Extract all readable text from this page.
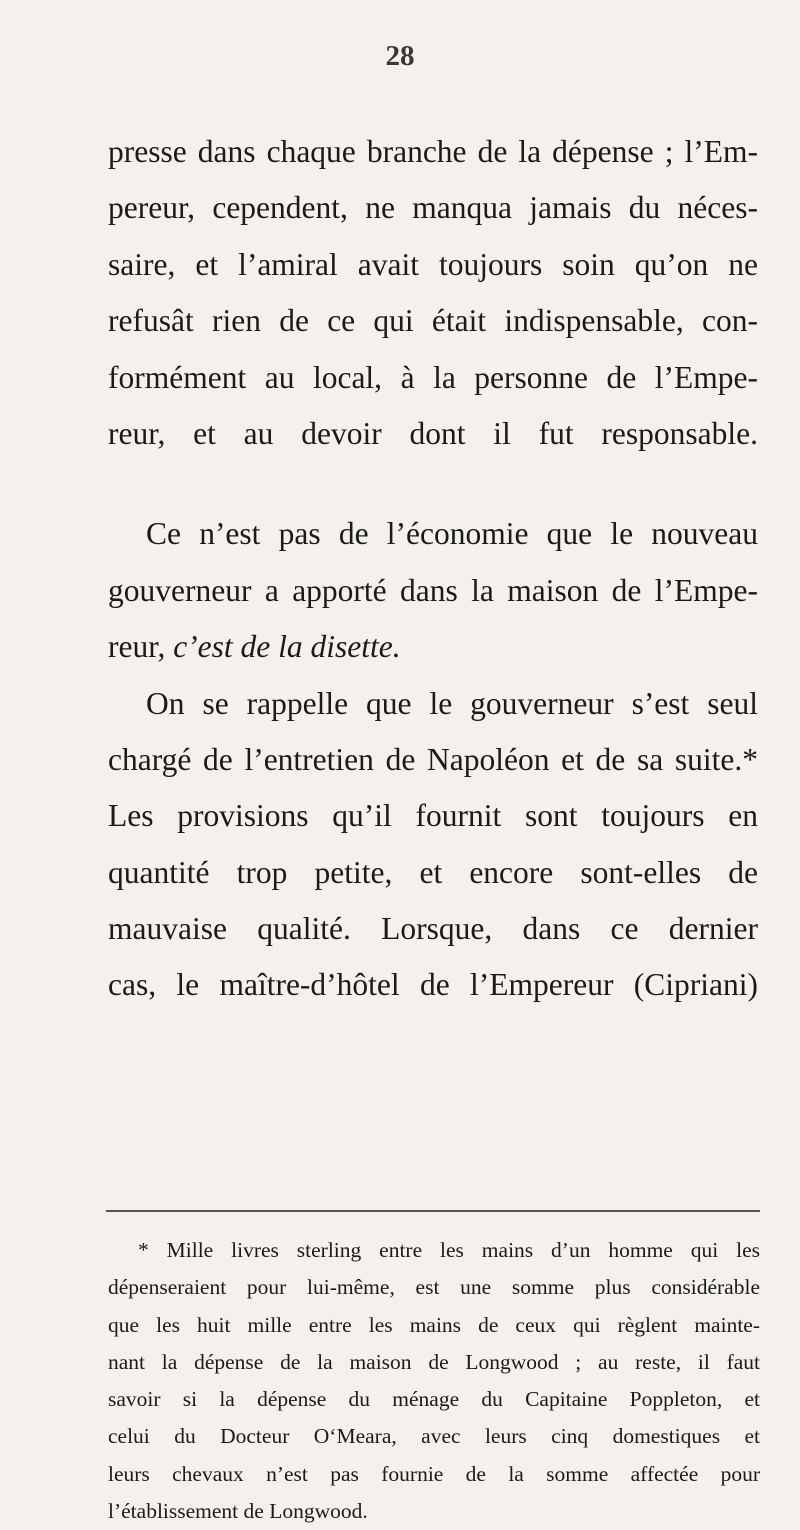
28
presse dans chaque branche de la dépense ; l’Em-
pereur, cependent, ne manqua jamais du néces-
saire, et l’amiral avait toujours soin qu’on ne
refusât rien de ce qui était indispensable, con-
formément au local, à la personne de l’Empe-
reur, et au devoir dont il fut responsable.
Ce n’est pas de l’économie que le nouveau
gouverneur a apporté dans la maison de l’Empe-
reur, c’est de la disette.
On se rappelle que le gouverneur s’est seul
chargé de l’entretien de Napoléon et de sa suite.*
Les provisions qu’il fournit sont toujours en
quantité trop petite, et encore sont-elles de
mauvaise qualité. Lorsque, dans ce dernier
cas, le maître-d’hôtel de l’Empereur (Cipriani)
* Mille livres sterling entre les mains d’un homme qui les
dépenseraient pour lui-même, est une somme plus considérable
que les huit mille entre les mains de ceux qui règlent mainte-
nant la dépense de la maison de Longwood ; au reste, il faut
savoir si la dépense du ménage du Capitaine Poppleton, et
celui du Docteur O‘Meara, avec leurs cinq domestiques et
leurs chevaux n’est pas fournie de la somme affectée pour
l’établissement de Longwood.
